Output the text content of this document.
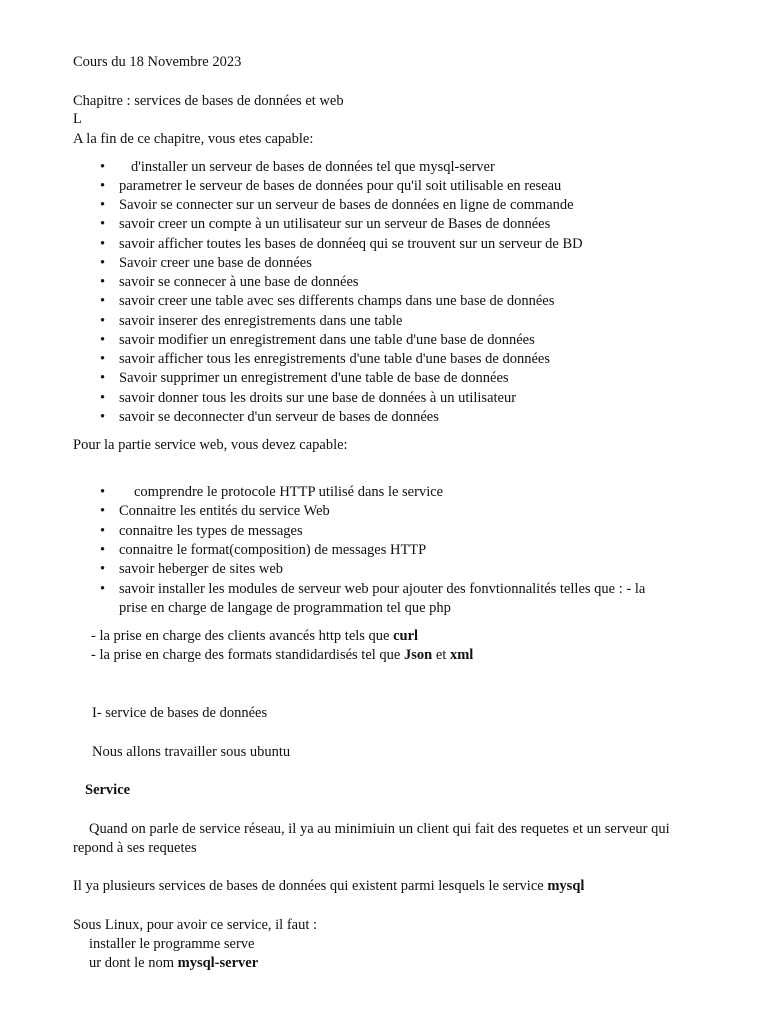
Cours du 18 Novembre 2023
Chapitre : services de bases de données et web
L
A la fin de ce chapitre, vous etes capable:
• d'installer un serveur de bases de données tel que mysql-server
• parametrer le serveur de bases de données pour qu'il soit utilisable en reseau
• Savoir se connecter sur un serveur de bases de données en ligne de commande
• savoir creer un compte à un utilisateur sur un serveur de Bases de données
• savoir afficher toutes les bases de donnéeq qui se trouvent sur un serveur de BD
• Savoir creer une base de données
• savoir se connecer à une base de données
• savoir creer une table avec ses differents champs dans une base de données
• savoir inserer des enregistrements dans une table
• savoir modifier un enregistrement dans une table d'une base de données
• savoir afficher tous les enregistrements d'une table d'une bases de données
• Savoir supprimer un enregistrement d'une table de base de données
• savoir donner tous les droits sur une base de données à un utilisateur
• savoir se deconnecter d'un serveur de bases de données
Pour la partie service web, vous devez capable:
• comprendre le protocole HTTP utilisé dans le service
• Connaitre les entités du service Web
• connaitre les types de messages
• connaitre le format(composition) de messages HTTP
• savoir heberger de sites web
• savoir installer les modules de serveur web pour ajouter des fonvtionnalités telles que : - la
prise en charge de langage de programmation tel que php
- la prise en charge des clients avancés http tels que curl
- la prise en charge des formats standidardisés tel que Json et xml
I- service de bases de données
Nous allons travailler sous ubuntu
Service
Quand on parle de service réseau, il ya au minimiuin un client qui fait des requetes et un serveur qui
repond à ses requetes
Il ya plusieurs services de bases de données qui existent parmi lesquels le service mysql
Sous Linux, pour avoir ce service, il faut :
installer le programme serve
ur dont le nom mysql-server
